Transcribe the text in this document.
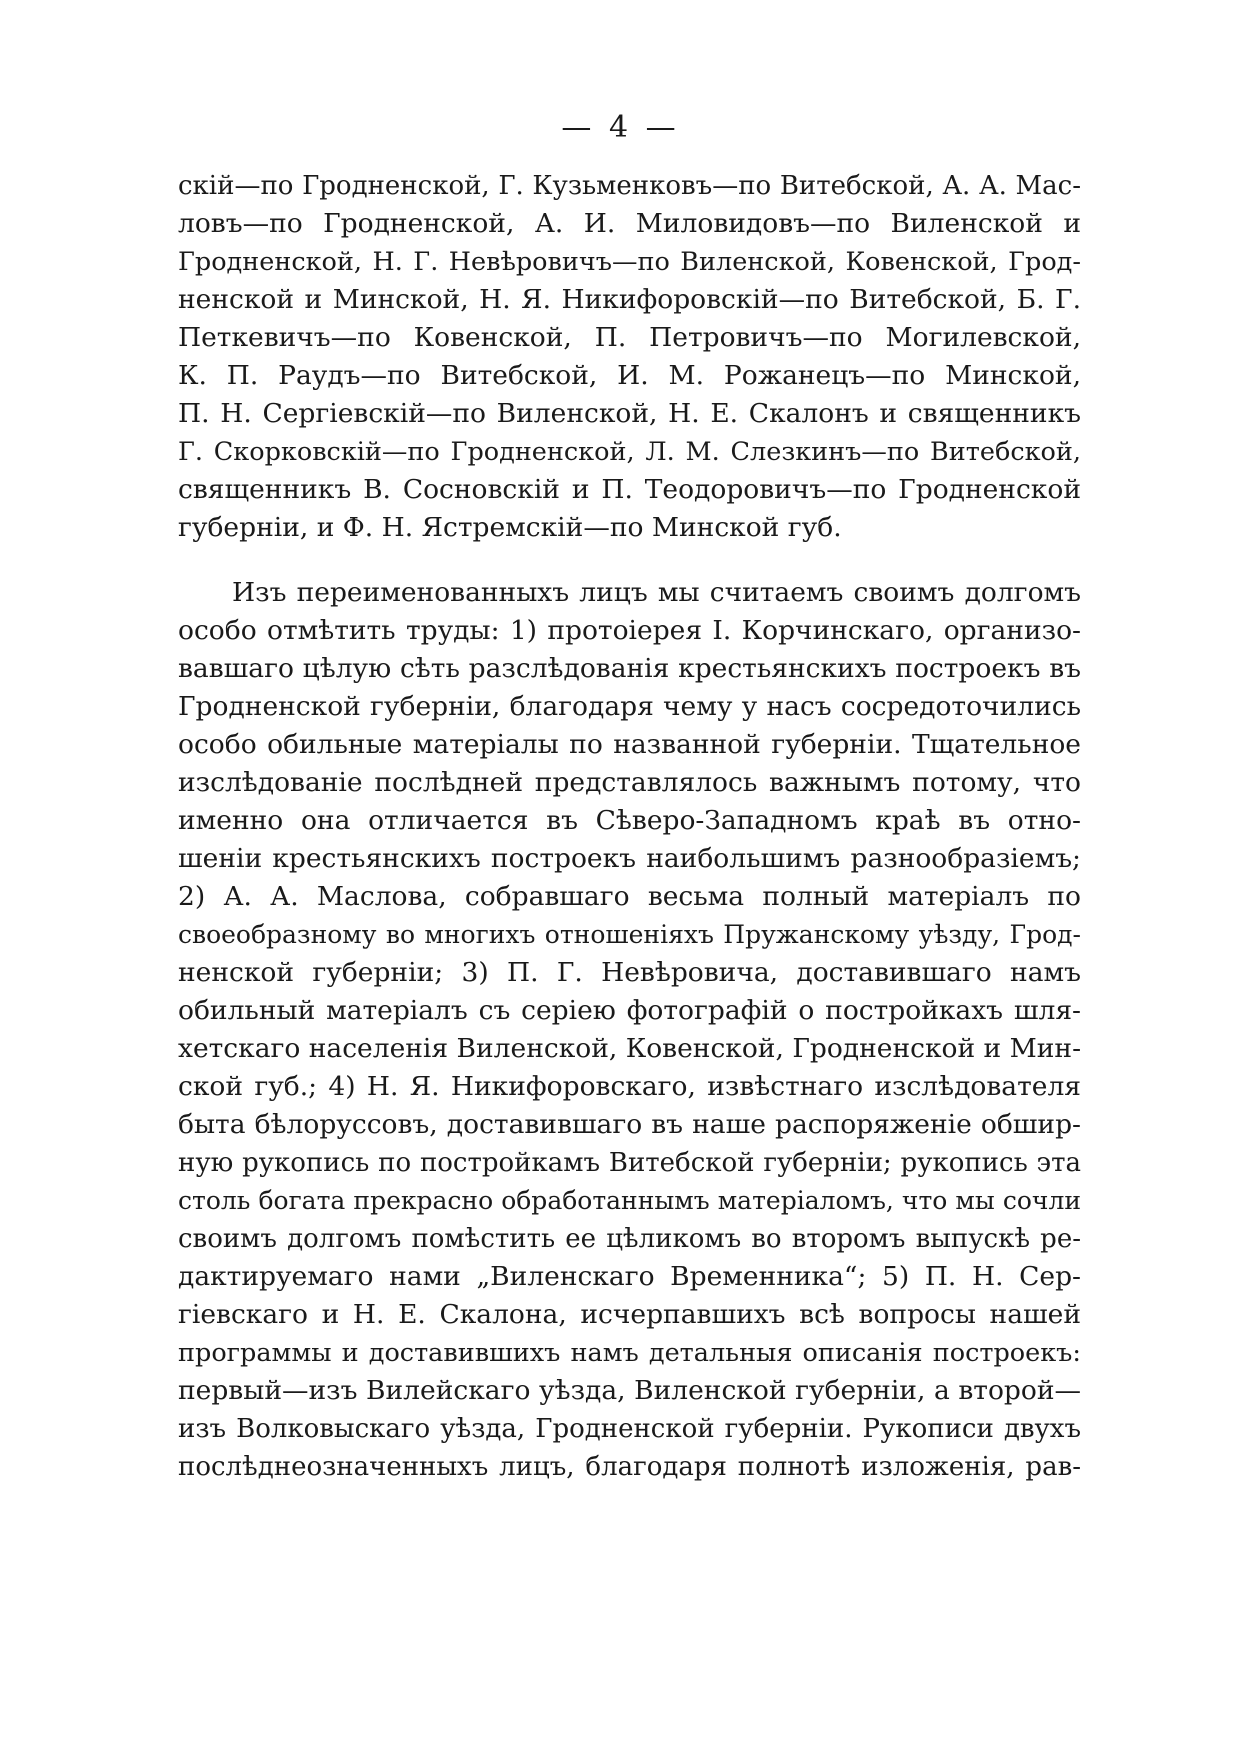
— 4 —
скій—по Гродненской, Г. Кузьменковъ—по Витебской, А. А. Мас-
ловъ—по Гродненской, А. И. Миловидовъ—по Виленской и
Гродненской, Н. Г. Невѣровичъ—по Виленской, Ковенской, Грод-
ненской и Минской, Н. Я. Никифоровскій—по Витебской, Б. Г.
Петкевичъ—по Ковенской, П. Петровичъ—по Могилевской,
К. П. Раудъ—по Витебской, И. М. Рожанецъ—по Минской,
П. Н. Сергіевскій—по Виленской, Н. Е. Скалонъ и священникъ
Г. Скорковскій—по Гродненской, Л. М. Слезкинъ—по Витебской,
священникъ В. Сосновскій и П. Теодоровичъ—по Гродненской
губерніи, и Ф. Н. Ястремскій—по Минской губ.
Изъ переименованныхъ лицъ мы считаемъ своимъ долгомъ
особо отмѣтить труды: 1) протоіерея I. Корчинскаго, организо-
вавшаго цѣлую сѣть разслѣдованія крестьянскихъ построекъ въ
Гродненской губерніи, благодаря чему у насъ сосредоточились
особо обильные матеріалы по названной губерніи. Тщательное
изслѣдованіе послѣдней представлялось важнымъ потому, что
именно она отличается въ Сѣверо-Западномъ краѣ въ отно-
шеніи крестьянскихъ построекъ наибольшимъ разнообразіемъ;
2) А. А. Маслова, собравшаго весьма полный матеріалъ по
своеобразному во многихъ отношеніяхъ Пружанскому уѣзду, Грод-
ненской губерніи; 3) П. Г. Невѣровича, доставившаго намъ
обильный матеріалъ съ серіею фотографій о постройкахъ шля-
хетскаго населенія Виленской, Ковенской, Гродненской и Мин-
ской губ.; 4) Н. Я. Никифоровскаго, извѣстнаго изслѣдователя
быта бѣлоруссовъ, доставившаго въ наше распоряженіе обшир-
ную рукопись по постройкамъ Витебской губерніи; рукопись эта
столь богата прекрасно обработаннымъ матеріаломъ, что мы сочли
своимъ долгомъ помѣстить ее цѣликомъ во второмъ выпускѣ ре-
дактируемаго нами „Виленскаго Временника“; 5) П. Н. Сер-
гіевскаго и Н. Е. Скалона, исчерпавшихъ всѣ вопросы нашей
программы и доставившихъ намъ детальныя описанія построекъ:
первый—изъ Вилейскаго уѣзда, Виленской губерніи, а второй—
изъ Волковыскаго уѣзда, Гродненской губерніи. Рукописи двухъ
послѣднеозначенныхъ лицъ, благодаря полнотѣ изложенія, рав-
